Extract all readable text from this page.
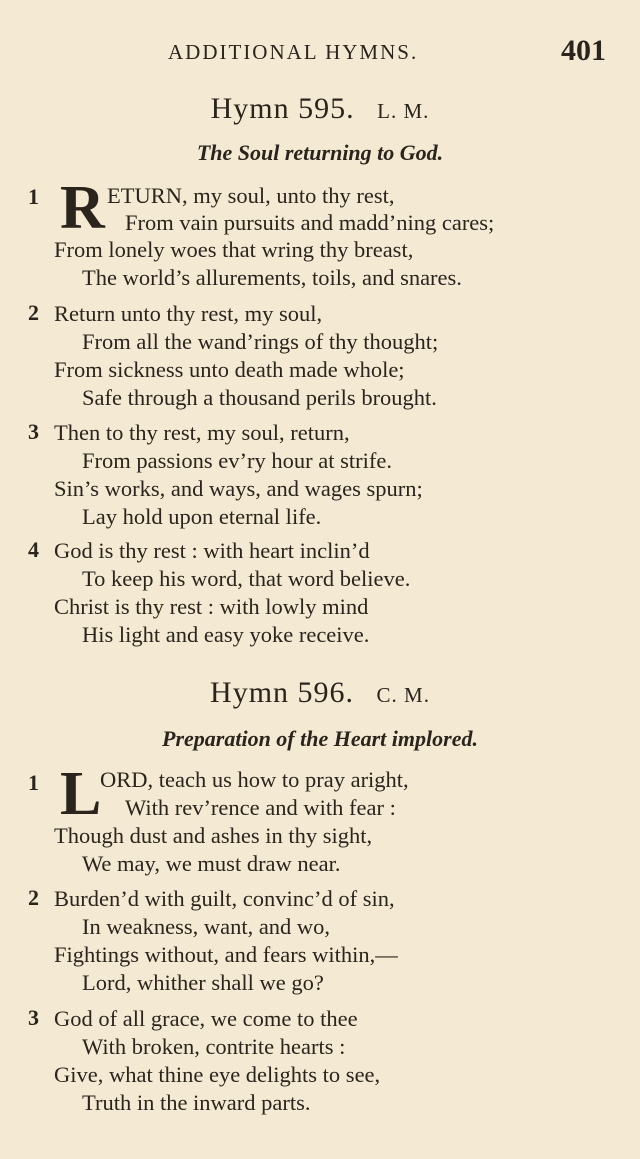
ADDITIONAL HYMNS.	401
Hymn 595. L. M.
The Soul returning to God.
1 R ETURN, my soul, unto thy rest,
From vain pursuits and madd’ning cares;
From lonely woes that wring thy breast,
The world’s allurements, toils, and snares.
2 Return unto thy rest, my soul,
From all the wand’rings of thy thought;
From sickness unto death made whole;
Safe through a thousand perils brought.
3 Then to thy rest, my soul, return,
From passions ev’ry hour at strife.
Sin’s works, and ways, and wages spurn;
Lay hold upon eternal life.
4 God is thy rest : with heart inclin’d
To keep his word, that word believe.
Christ is thy rest : with lowly mind
His light and easy yoke receive.
Hymn 596. C. M.
Preparation of the Heart implored.
1 L
ORD, teach us how to pray aright,
With rev’rence and with fear :
Though dust and ashes in thy sight,
We may, we must draw near.
2 Burden’d with guilt, convinc’d of sin,
In weakness, want, and wo,
Fightings without, and fears within,—
Lord, whither shall we go?
3 God of all grace, we come to thee
With broken, contrite hearts :
Give, what thine eye delights to see,
Truth in the inward parts.
